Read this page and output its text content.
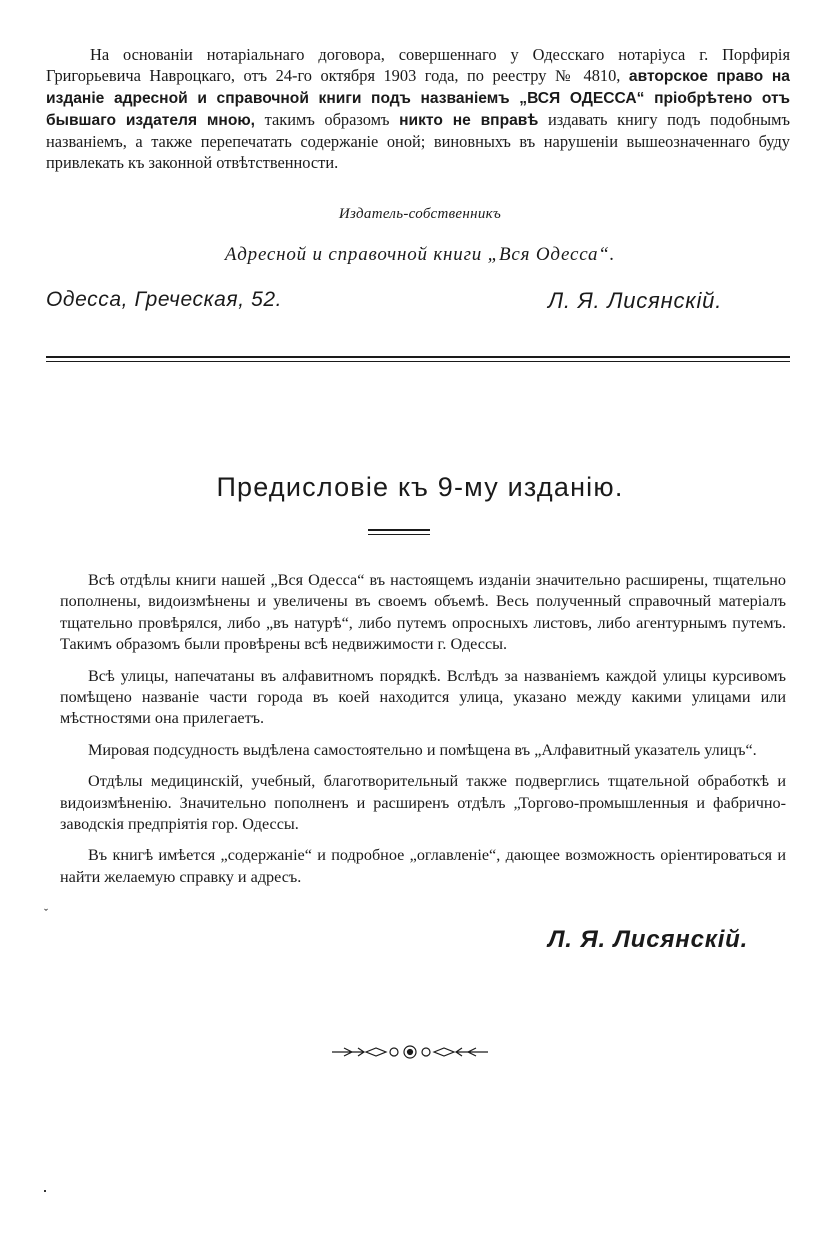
На основаніи нотаріальнаго договора, совершеннаго у Одесскаго нотаріуса г. Порфирія Григорьевича Навроцкаго, отъ 24-го октября 1903 года, по реестру № 4810, авторское право на изданіе адресной и справочной книги подъ названіемъ „ВСЯ ОДЕССА“ пріобрѣтено отъ бывшаго издателя мною, такимъ образомъ никто не вправѣ издавать книгу подъ подобнымъ названіемъ, а также перепечатать содержаніе оной; виновныхъ въ нарушеніи вышеозначеннаго буду привлекать къ законной отвѣтственности.

Издатель-собственникъ
Адресной и справочной книги „Вся Одесса“.
Одесса, Греческая, 52.	Л. Я. Лисянскій.
Предисловіе къ 9-му изданію.

Всѣ отдѣлы книги нашей „Вся Одесса“ въ настоящемъ изданіи значительно расширены, тщательно пополнены, видоизмѣнены и увеличены въ своемъ объемѣ. Весь полученный справочный матеріалъ тщательно провѣрялся, либо „въ натурѣ“, либо путемъ опросныхъ листовъ, либо агентурнымъ путемъ. Такимъ образомъ были провѣрены всѣ недвижимости г. Одессы.

Всѣ улицы, напечатаны въ алфавитномъ порядкѣ. Вслѣдъ за названіемъ каждой улицы курсивомъ помѣщено названіе части города въ коей находится улица, указано между какими улицами или мѣстностями она прилегаетъ.

Мировая подсудность выдѣлена самостоятельно и помѣщена въ „Алфавитный указатель улицъ“.

Отдѣлы медицинскій, учебный, благотворительный также подверглись тщательной обработкѣ и видоизмѣненію. Значительно пополненъ и расширенъ отдѣлъ „Торгово-промышленныя и фабрично-заводскія предпріятія гор. Одессы.

Въ книгѣ имѣется „содержаніе“ и подробное „оглавленіе“, дающее возможность оріентироваться и найти желаемую справку и адресъ.

ˇ
Л. Я. Лисянскій.
